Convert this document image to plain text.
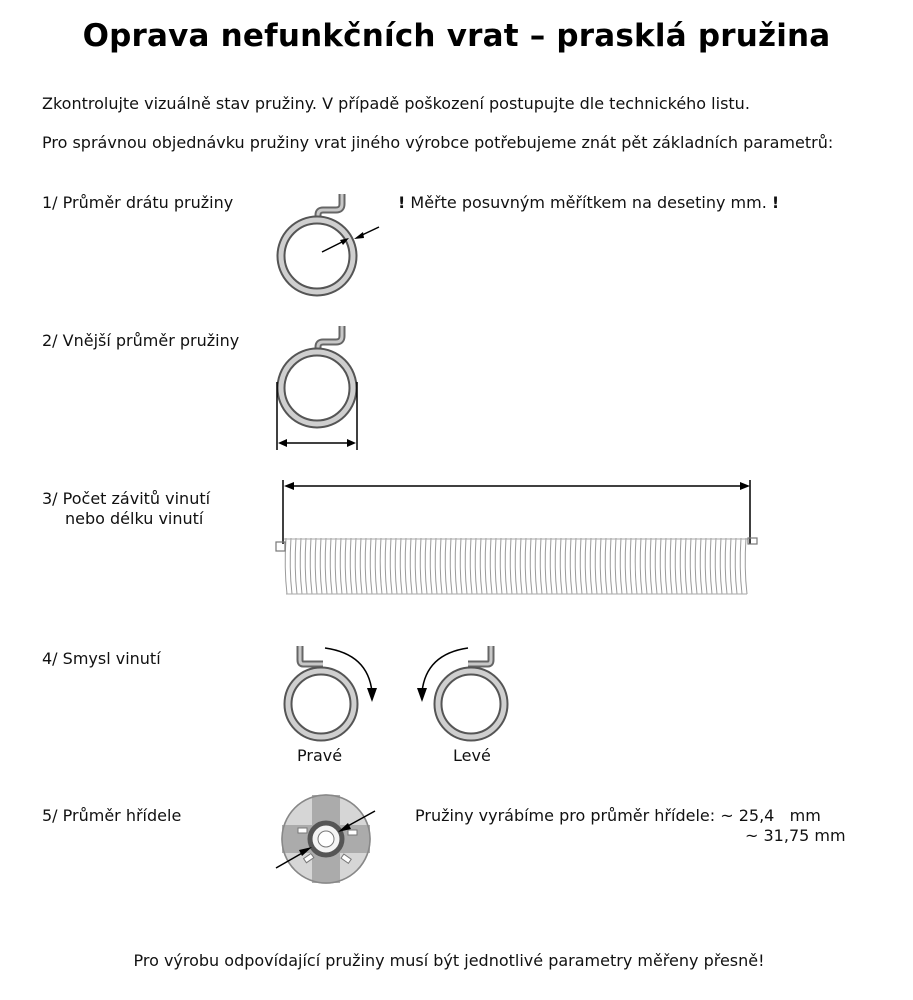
Oprava nefunkčních vrat – prasklá pružina
Zkontrolujte vizuálně stav pružiny. V případě poškození postupujte dle technického listu.
Pro správnou objednávku pružiny vrat jiného výrobce potřebujeme znát pět základních parametrů:
1/ Průměr drátu pružiny	! Měřte posuvným měřítkem na desetiny mm. !
2/ Vnější průměr pružiny
3/ Počet závitů vinutí
nebo délku vinutí
4/ Smysl vinutí
Pravé	Levé
5/ Průměr hřídele	Pružiny vyrábíme pro průměr hřídele: ~ 25,4   mm
~ 31,75 mm
Pro výrobu odpovídající pružiny musí být jednotlivé parametry měřeny přesně!
